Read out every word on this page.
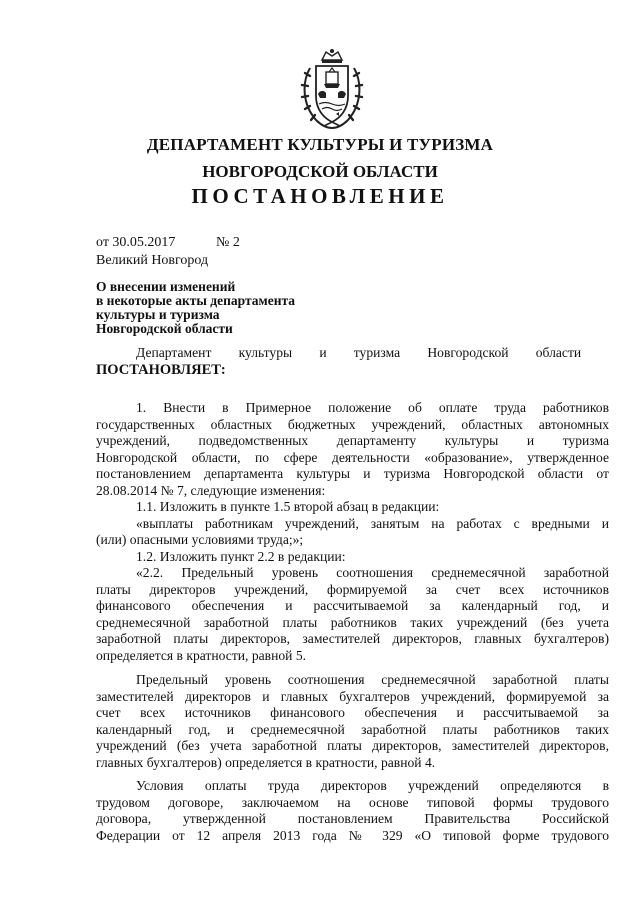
ДЕПАРТАМЕНТ КУЛЬТУРЫ И ТУРИЗМА
НОВГОРОДСКОЙ ОБЛАСТИ
ПОСТАНОВЛЕНИЕ
от 30.05.2017	№ 2
Великий Новгород
О внесении изменений
в некоторые акты департамента
культуры и туризма
Новгородской области
Департамент        культуры        и        туризма        Новгородской        области
ПОСТАНОВЛЯЕТ:
1. Внести в Примерное положение об оплате труда работников
государственных областных бюджетных учреждений, областных автономных
учреждений, подведомственных департаменту культуры и туризма
Новгородской области, по сфере деятельности «образование», утвержденное
постановлением департамента культуры и туризма Новгородской области от
28.08.2014 № 7, следующие изменения:
1.1. Изложить в пункте 1.5 второй абзац в редакции:
«выплаты работникам учреждений, занятым на работах с вредными и
(или) опасными условиями труда;»;
1.2. Изложить пункт 2.2 в редакции:
«2.2. Предельный уровень соотношения среднемесячной заработной
платы директоров учреждений, формируемой за счет всех источников
финансового обеспечения и рассчитываемой за календарный год, и
среднемесячной заработной платы работников таких учреждений (без учета
заработной платы директоров, заместителей директоров, главных бухгалтеров)
определяется в кратности, равной 5.
Предельный уровень соотношения среднемесячной заработной платы
заместителей директоров и главных бухгалтеров учреждений, формируемой за
счет всех источников финансового обеспечения и рассчитываемой за
календарный год, и среднемесячной заработной платы работников таких
учреждений (без учета заработной платы директоров, заместителей директоров,
главных бухгалтеров) определяется в кратности, равной 4.
Условия оплаты труда директоров учреждений определяются в
трудовом договоре, заключаемом на основе типовой формы трудового
договора, утвержденной постановлением Правительства Российской
Федерации от 12 апреля 2013 года № 329 «О типовой форме трудового
